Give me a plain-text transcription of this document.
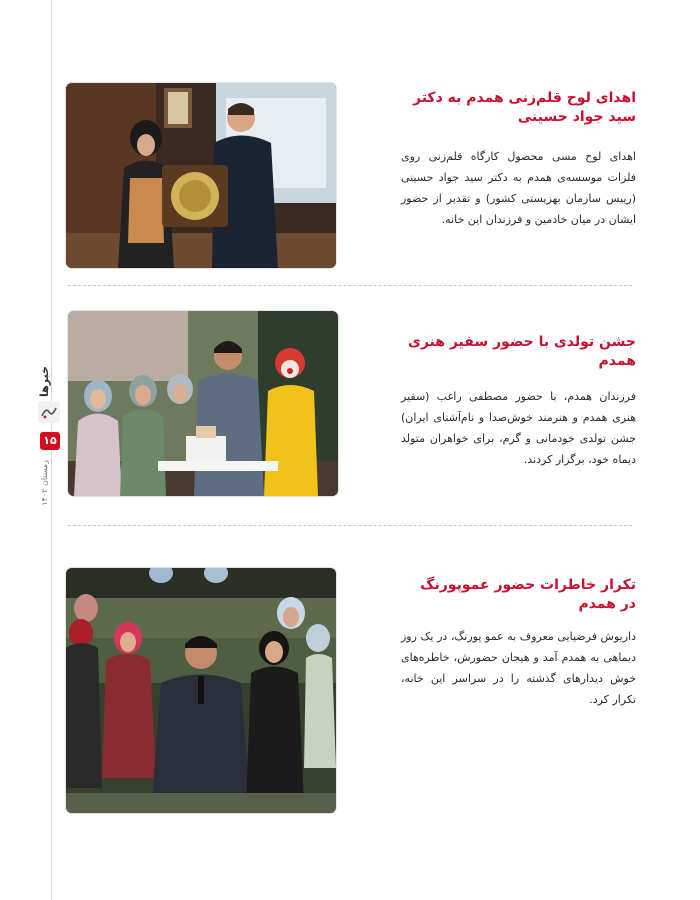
خبرها
۱۵
زمستان ۱۴۰۲
اهدای لوح قلم‌زنی همدم به دکتر سید جواد حسینی

اهدای لوح مسی محصول کارگاه قلم‌زنی روی فلزات موسسه‌ی همدم به دکتر سید جواد حسینی (رییس سازمان بهزیستی کشور) و تقدیر از حضور ایشان در میان خادمین و فرزندان این خانه.

جشن تولدی با حضور سفیر هنری همدم

فرزندان همدم، با حضور مصطفی راغب (سفیر هنری همدم و هنرمند خوش‌صدا و نام‌آشنای ایران) جشن تولدی خودمانی و گرم، برای خواهران متولد دیماه خود، برگزار کردند.

تکرار خاطرات حضور عموپورنگ در همدم

داریوش فرضیایی معروف به عمو پورنگ، در یک روز دیماهی به همدم آمد و هیجان حضورش، خاطره‌های خوش دیدارهای گذشته را در سراسر این خانه، تکرار کرد.
